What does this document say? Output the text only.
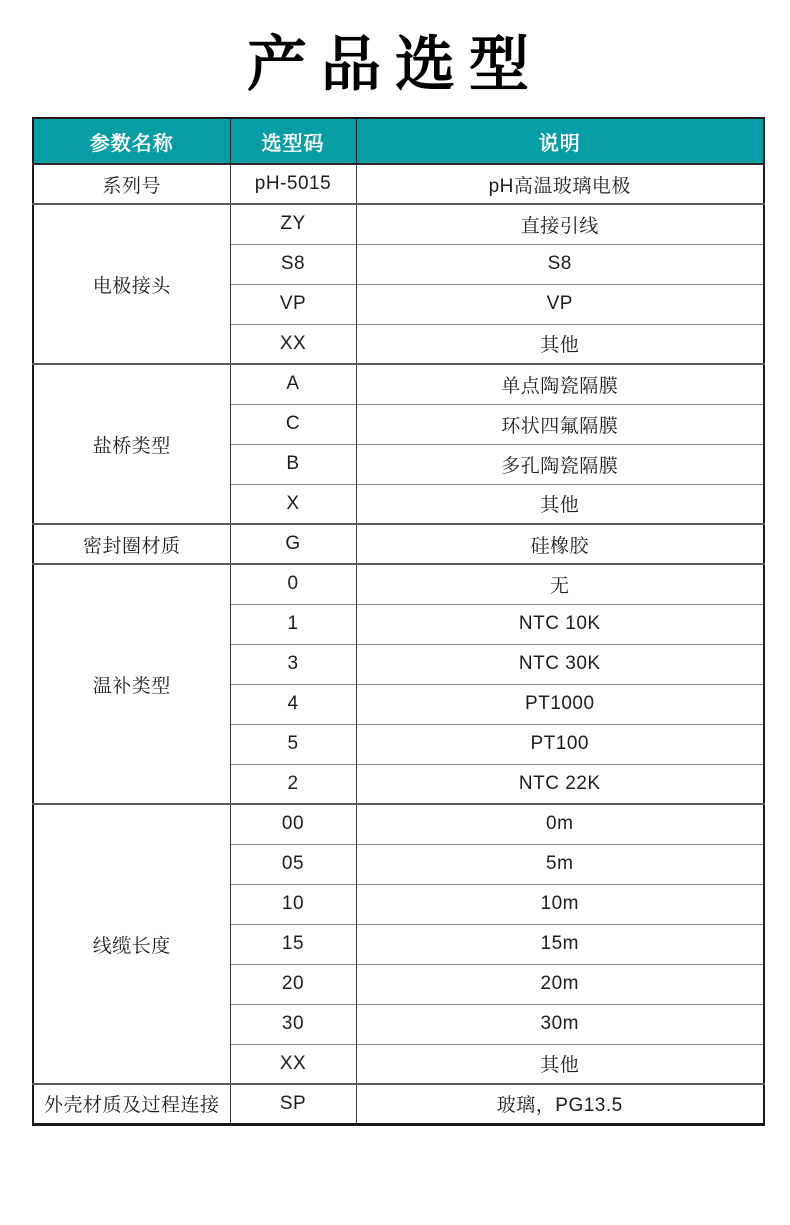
产品选型
参数名称	选型码	说明
系列号	pH-5015	pH高温玻璃电极
电极接头	ZY	直接引线
	S8	S8
	VP	VP
	XX	其他
盐桥类型	A	单点陶瓷隔膜
	C	环状四氟隔膜
	B	多孔陶瓷隔膜
	X	其他
密封圈材质	G	硅橡胶
温补类型	0	无
	1	NTC 10K
	3	NTC 30K
	4	PT1000
	5	PT100
	2	NTC 22K
线缆长度	00	0m
	05	5m
	10	10m
	15	15m
	20	20m
	30	30m
	XX	其他
外壳材质及过程连接	SP	玻璃，PG13.5
